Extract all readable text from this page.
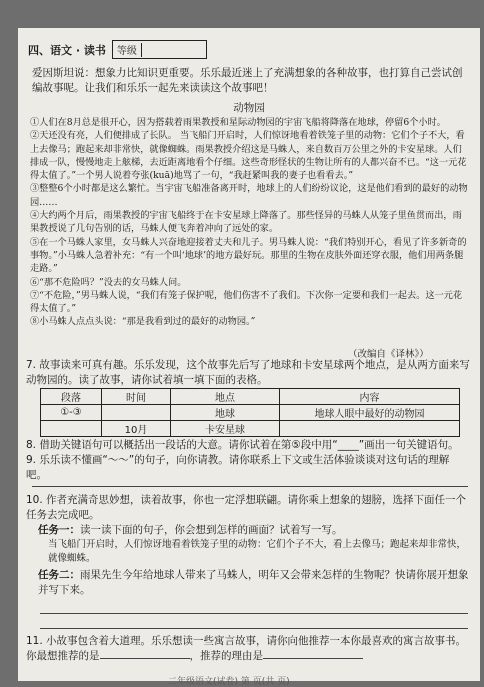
四、语文 · 读书 等级
爱因斯坦说：想象力比知识更重要。乐乐最近迷上了充满想象的各种故事，也打算自己尝试创编故事呢。让我们和乐乐一起先来读读这个故事吧！
动物园

①人们在8月总是很开心，因为搭载着雨果教授和星际动物园的宇宙飞船将降落在地球，停留6个小时。

②天还没有亮，人们便排成了长队。 当飞船门开启时，人们惊讶地看着铁笼子里的动物：它们个子不大，看上去像马；跑起来却非常快，就像蜘蛛。雨果教授介绍这是马蛛人，来自数百万公里之外的卡安星球。人们排成一队，慢慢地走上舷梯，去近距离地看个仔细。这些奇形怪状的生物让所有的人都兴奋不已。“这一元花得太值了。”一个男人说着夸张(kuā)地骂了一句，“我赶紧叫我的妻子也看看去。”

③整整6个小时都是这么繁忙。当宇宙飞船准备离开时，地球上的人们纷纷议论，这是他们看到的最好的动物园……

④大约两个月后，雨果教授的宇宙飞船终于在卡安星球上降落了。那些怪异的马蛛人从笼子里鱼贯而出，雨果教授说了几句告别的话，马蛛人便飞奔着冲向了远处的家。

⑤在一个马蛛人家里，女马蛛人兴奋地迎接着丈夫和儿子。男马蛛人说：“我们特别开心，看见了许多新奇的事物。”小马蛛人急着补充：“有一个叫‘地球’的地方最好玩。那里的生物在皮肤外面还穿衣服，他们用两条腿走路。”

⑥“那不危险吗？”没去的女马蛛人问。

⑦“不危险，”男马蛛人说，“我们有笼子保护呢，他们伤害不了我们。下次你一定要和我们一起去。这一元花得太值了。”

⑧小马蛛人点点头说：“那是我看到过的最好的动物园。”

（改编自《译林》）

7. 故事读来可真有趣。乐乐发现，这个故事先后写了地球和卡安星球两个地点，是从两方面来写动物园的。读了故事，请你试着填一填下面的表格。

段落	时间	地点	内容
①-③		地球	地球人眼中最好的动物园
	10月	卡安星球	

8. 借助关键语句可以概括出一段话的大意。请你试着在第⑤段中用“____”画出一句关键语句。

9. 乐乐读不懂画“～～”的句子，向你请教。请你联系上下文或生活体验谈谈对这句话的理解吧。

10. 作者充满奇思妙想，读着故事，你也一定浮想联翩。请你乘上想象的翅膀，选择下面任一个任务去完成吧。

任务一：读一读下面的句子，你会想到怎样的画面？试着写一写。

当飞船门开启时，人们惊讶地看着铁笼子里的动物：它们个子不大，看上去像马；跑起来却非常快，就像蜘蛛。

任务二：雨果先生今年给地球人带来了马蛛人，明年又会带来怎样的生物呢？快请你展开想象并写下来。

11. 小故事包含着大道理。乐乐想读一些寓言故事，请你向他推荐一本你最喜欢的寓言故事书。你最想推荐的是	，推荐的理由是

二年级语文(试卷) 第 页(共 页)
